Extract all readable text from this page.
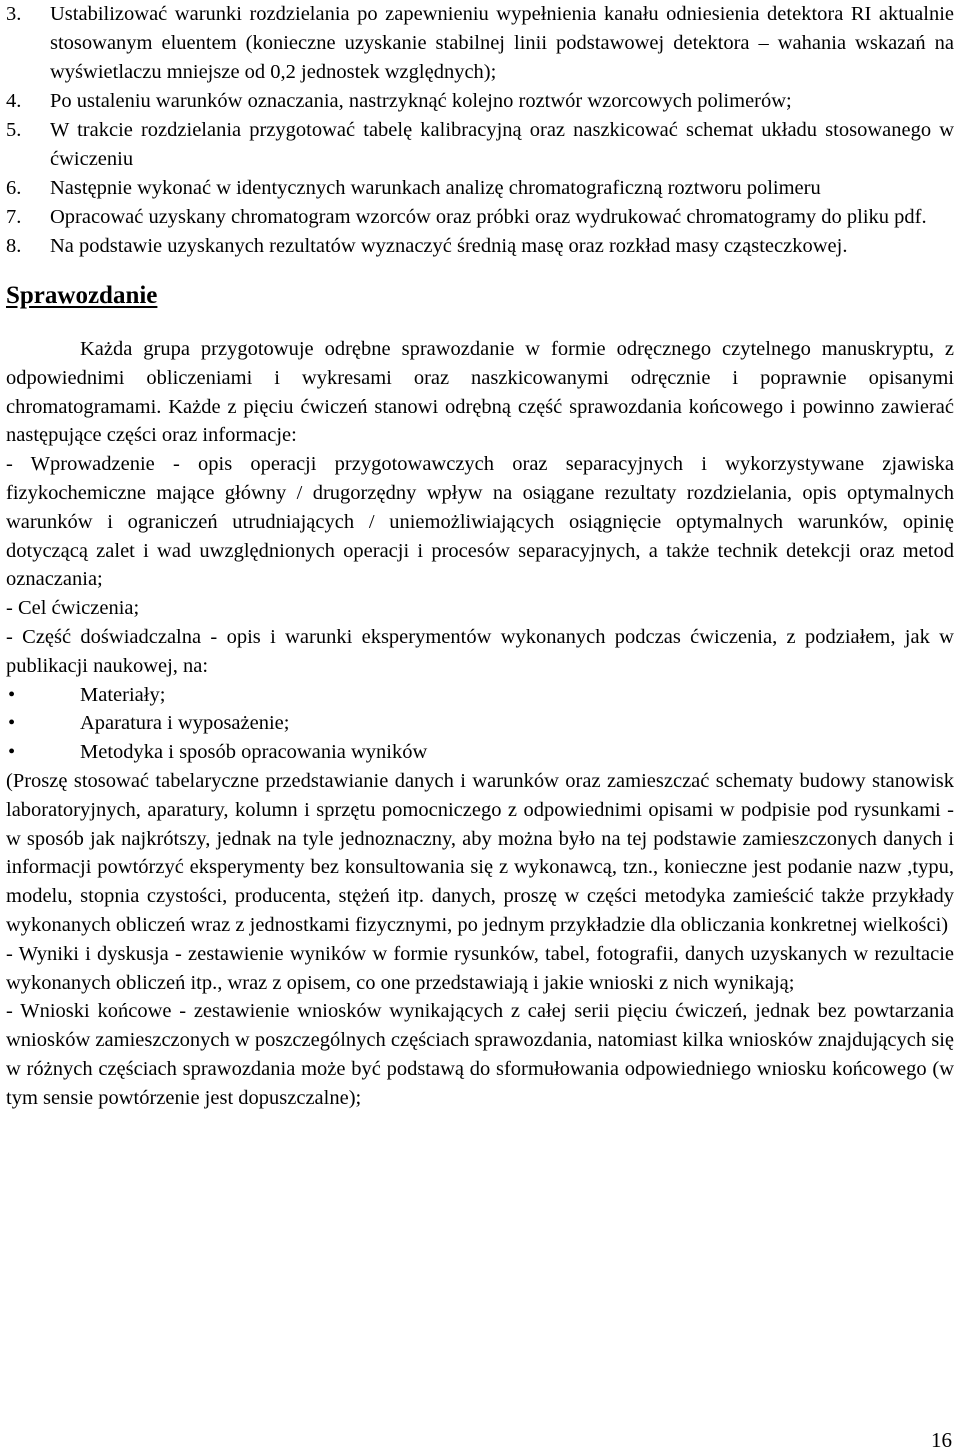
3.	Ustabilizować warunki rozdzielania po zapewnieniu wypełnienia kanału odniesienia detektora RI aktualnie stosowanym eluentem (konieczne uzyskanie stabilnej linii podstawowej detektora – wahania wskazań na wyświetlaczu mniejsze od 0,2 jednostek względnych);
4.	Po ustaleniu warunków oznaczania, nastrzyknąć kolejno roztwór wzorcowych polimerów;
5.	W trakcie rozdzielania przygotować tabelę kalibracyjną oraz naszkicować schemat układu stosowanego w ćwiczeniu
6.	Następnie wykonać w identycznych warunkach analizę chromatograficzną roztworu polimeru
7.	Opracować uzyskany chromatogram wzorców oraz próbki oraz wydrukować chromatogramy do pliku pdf.
8.	Na podstawie uzyskanych rezultatów wyznaczyć średnią masę oraz rozkład masy cząsteczkowej.
Sprawozdanie

Każda grupa przygotowuje odrębne sprawozdanie w formie odręcznego czytelnego manuskryptu, z odpowiednimi obliczeniami i wykresami oraz naszkicowanymi odręcznie i poprawnie opisanymi chromatogramami. Każde z pięciu ćwiczeń stanowi odrębną część sprawozdania końcowego i powinno zawierać następujące części oraz informacje:

- Wprowadzenie - opis operacji przygotowawczych oraz separacyjnych i wykorzystywane zjawiska fizykochemiczne mające główny / drugorzędny wpływ na osiągane rezultaty rozdzielania, opis optymalnych warunków i ograniczeń utrudniających / uniemożliwiających osiągnięcie optymalnych warunków, opinię dotyczącą zalet i wad uwzględnionych operacji i procesów separacyjnych, a także technik detekcji oraz metod oznaczania;

- Cel ćwiczenia;

- Część doświadczalna - opis i warunki eksperymentów wykonanych podczas ćwiczenia, z podziałem, jak w publikacji naukowej, na:

•	Materiały;
•	Aparatura i wyposażenie;
•	Metodyka i sposób opracowania wyników

(Proszę stosować tabelaryczne przedstawianie danych i warunków oraz zamieszczać schematy budowy stanowisk laboratoryjnych, aparatury, kolumn i sprzętu pomocniczego z odpowiednimi opisami w podpisie pod rysunkami - w sposób jak najkrótszy, jednak na tyle jednoznaczny, aby można było na tej podstawie zamieszczonych danych i informacji powtórzyć eksperymenty bez konsultowania się z wykonawcą, tzn., konieczne jest podanie nazw ,typu, modelu, stopnia czystości, producenta, stężeń itp. danych, proszę w części metodyka zamieścić także przykłady wykonanych obliczeń wraz z jednostkami fizycznymi, po jednym przykładzie dla obliczania konkretnej wielkości)

- Wyniki i dyskusja - zestawienie wyników w formie rysunków, tabel, fotografii, danych uzyskanych w rezultacie wykonanych obliczeń itp., wraz z opisem, co one przedstawiają i jakie wnioski z nich wynikają;

- Wnioski końcowe - zestawienie wniosków wynikających z całej serii pięciu ćwiczeń, jednak bez powtarzania wniosków zamieszczonych w poszczególnych częściach sprawozdania, natomiast kilka wniosków znajdujących się w różnych częściach sprawozdania może być podstawą do sformułowania odpowiedniego wniosku końcowego (w tym sensie powtórzenie jest dopuszczalne);

16
